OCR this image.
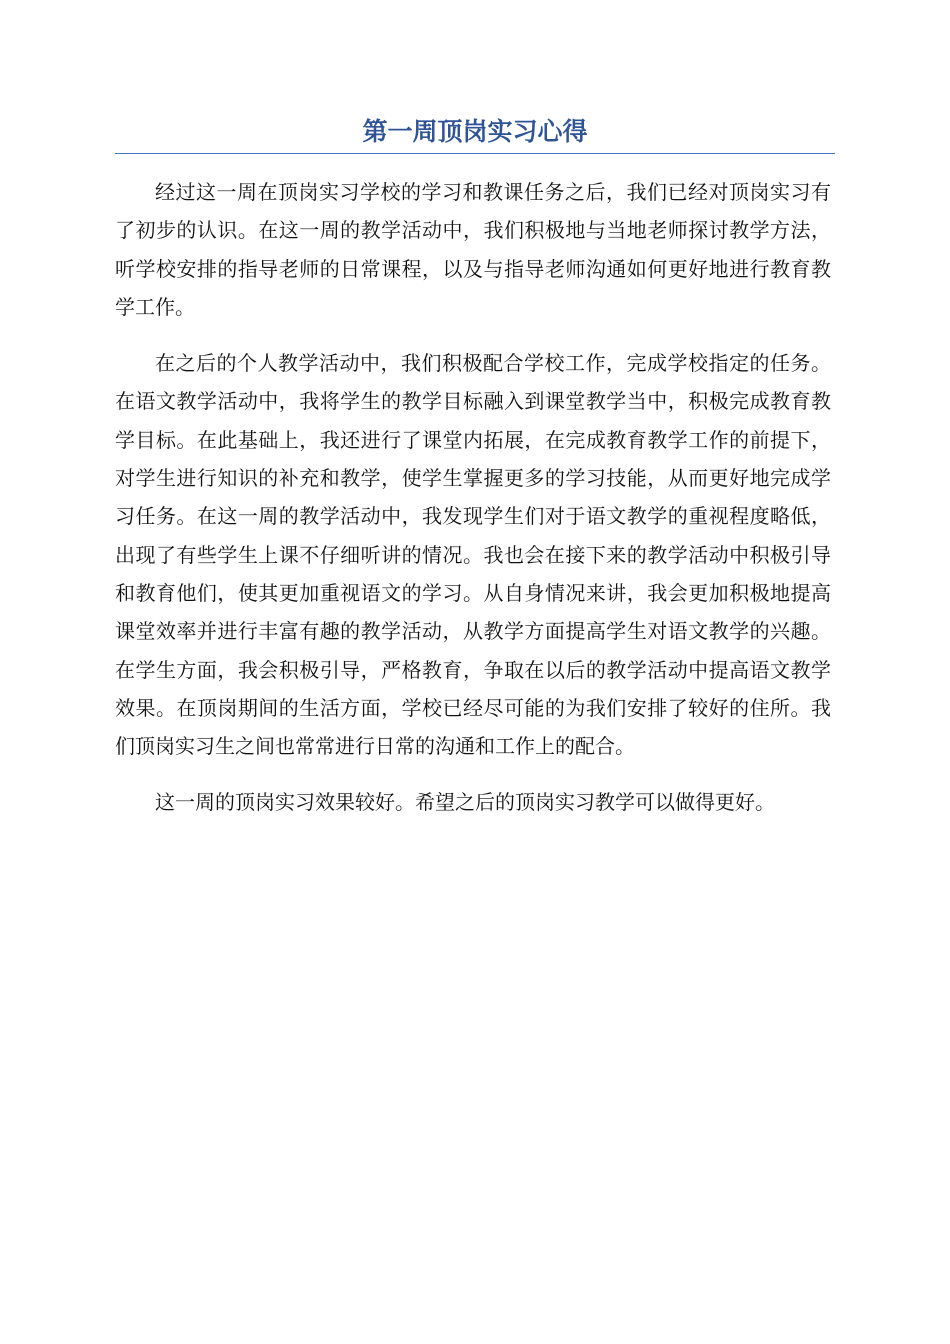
第一周顶岗实习心得

经过这一周在顶岗实习学校的学习和教课任务之后，我们已经对顶岗实习有了初步的认识。在这一周的教学活动中，我们积极地与当地老师探讨教学方法，听学校安排的指导老师的日常课程，以及与指导老师沟通如何更好地进行教育教学工作。

在之后的个人教学活动中，我们积极配合学校工作，完成学校指定的任务。在语文教学活动中，我将学生的教学目标融入到课堂教学当中，积极完成教育教学目标。在此基础上，我还进行了课堂内拓展，在完成教育教学工作的前提下，对学生进行知识的补充和教学，使学生掌握更多的学习技能，从而更好地完成学习任务。在这一周的教学活动中，我发现学生们对于语文教学的重视程度略低，出现了有些学生上课不仔细听讲的情况。我也会在接下来的教学活动中积极引导和教育他们，使其更加重视语文的学习。从自身情况来讲，我会更加积极地提高课堂效率并进行丰富有趣的教学活动，从教学方面提高学生对语文教学的兴趣。在学生方面，我会积极引导，严格教育，争取在以后的教学活动中提高语文教学效果。在顶岗期间的生活方面，学校已经尽可能的为我们安排了较好的住所。我们顶岗实习生之间也常常进行日常的沟通和工作上的配合。

这一周的顶岗实习效果较好。希望之后的顶岗实习教学可以做得更好。
